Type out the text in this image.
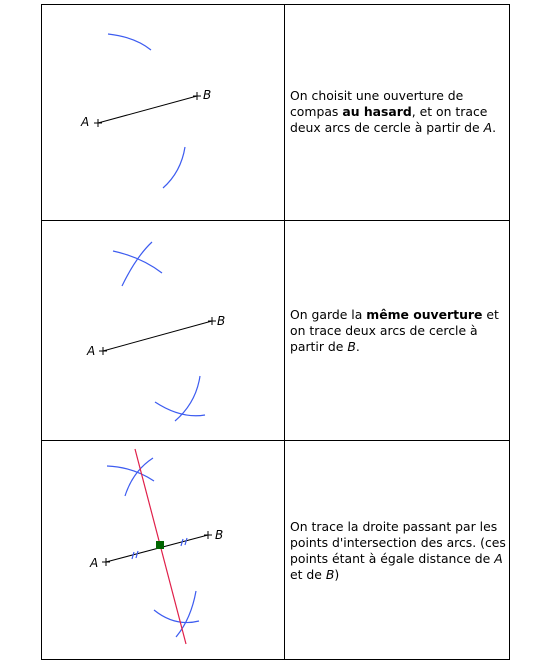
A
B	On choisit une ouverture de compas au hasard, et on trace deux arcs de cercle à partir de A.

A
B	On garde la même ouverture et on trace deux arcs de cercle à partir de B.

A
B

On trace la droite passant par les points d'intersection des arcs. (ces points étant à égale distance de A et de B)
